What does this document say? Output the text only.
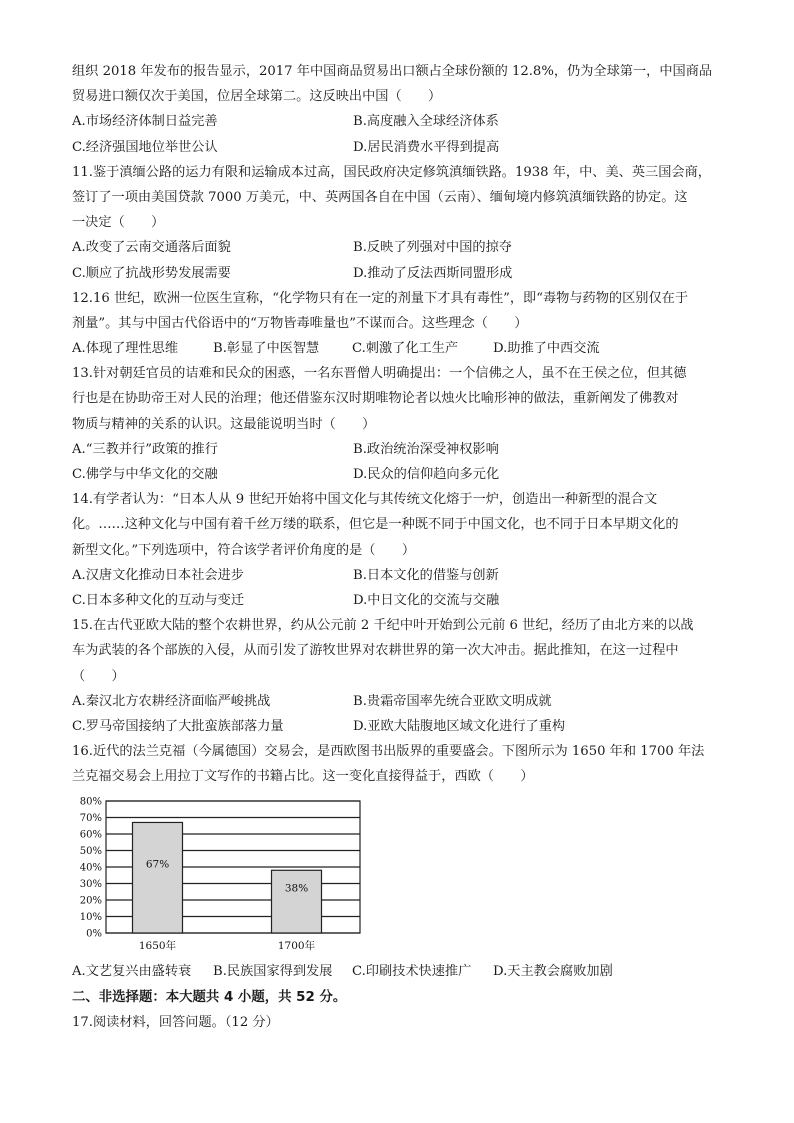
组织 2018 年发布的报告显示，2017 年中国商品贸易出口额占全球份额的 12.8%，仍为全球第一，中国商品
贸易进口额仅次于美国，位居全球第二。这反映出中国（　　）
A.市场经济体制日益完善	B.高度融入全球经济体系
C.经济强国地位举世公认	D.居民消费水平得到提高
11.鉴于滇缅公路的运力有限和运输成本过高，国民政府决定修筑滇缅铁路。1938 年，中、美、英三国会商，
签订了一项由美国贷款 7000 万美元，中、英两国各自在中国（云南）、缅甸境内修筑滇缅铁路的协定。这
一决定（　　）
A.改变了云南交通落后面貌	B.反映了列强对中国的掠夺
C.顺应了抗战形势发展需要	D.推动了反法西斯同盟形成
12.16 世纪，欧洲一位医生宣称，“化学物只有在一定的剂量下才具有毒性”，即“毒物与药物的区别仅在于
剂量”。其与中国古代俗语中的“万物皆毒唯量也”不谋而合。这些理念（　　）
A.体现了理性思维	B.彰显了中医智慧	C.刺激了化工生产	D.助推了中西交流
13.针对朝廷官员的诘难和民众的困惑，一名东晋僧人明确提出：一个信佛之人，虽不在王侯之位，但其德
行也是在协助帝王对人民的治理；他还借鉴东汉时期唯物论者以烛火比喻形神的做法，重新阐发了佛教对
物质与精神的关系的认识。这最能说明当时（　　）
A.“三教并行”政策的推行	B.政治统治深受神权影响
C.佛学与中华文化的交融	D.民众的信仰趋向多元化
14.有学者认为：“日本人从 9 世纪开始将中国文化与其传统文化熔于一炉，创造出一种新型的混合文
化。……这种文化与中国有着千丝万缕的联系，但它是一种既不同于中国文化，也不同于日本早期文化的
新型文化。”下列选项中，符合该学者评价角度的是（　　）
A.汉唐文化推动日本社会进步	B.日本文化的借鉴与创新
C.日本多种文化的互动与变迁	D.中日文化的交流与交融
15.在古代亚欧大陆的整个农耕世界，约从公元前 2 千纪中叶开始到公元前 6 世纪，经历了由北方来的以战
车为武装的各个部族的入侵，从而引发了游牧世界对农耕世界的第一次大冲击。据此推知，在这一过程中
（　　）
A.秦汉北方农耕经济面临严峻挑战	B.贵霜帝国率先统合亚欧文明成就
C.罗马帝国接纳了大批蛮族部落力量	D.亚欧大陆腹地区域文化进行了重构
16.近代的法兰克福（今属德国）交易会，是西欧图书出版界的重要盛会。下图所示为 1650 年和 1700 年法
兰克福交易会上用拉丁文写作的书籍占比。这一变化直接得益于，西欧（　　）
0%
10%
20%
30%
40%
50%
60%
70%
80%
67%
1650年
38%
1700年
A.文艺复兴由盛转衰	B.民族国家得到发展	C.印刷技术快速推广	D.天主教会腐败加剧
二、非选择题：本大题共 4 小题，共 52 分。
17.阅读材料，回答问题。（12 分）
